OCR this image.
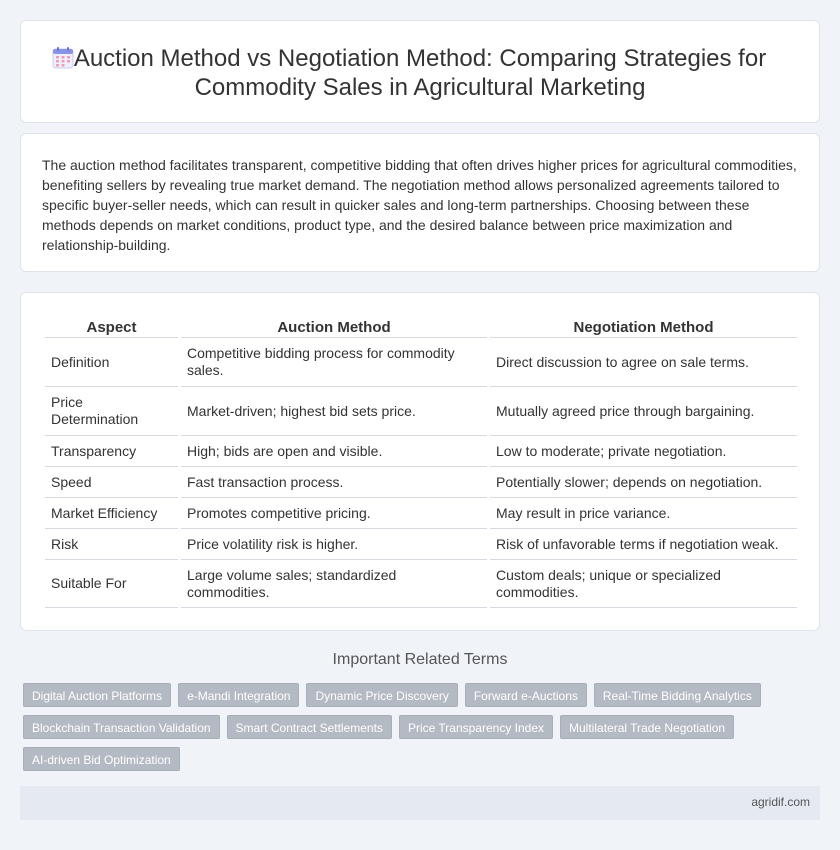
Auction Method vs Negotiation Method: Comparing Strategies for
Commodity Sales in Agricultural Marketing

The auction method facilitates transparent, competitive bidding that often drives higher prices for agricultural commodities, benefiting sellers by revealing true market demand. The negotiation method allows personalized agreements tailored to specific buyer-seller needs, which can result in quicker sales and long-term partnerships. Choosing between these methods depends on market conditions, product type, and the desired balance between price maximization and relationship-building.

Aspect	Auction Method	Negotiation Method
Definition	Competitive bidding process for commodity sales.	Direct discussion to agree on sale terms.
Price Determination	Market-driven; highest bid sets price.	Mutually agreed price through bargaining.
Transparency	High; bids are open and visible.	Low to moderate; private negotiation.
Speed	Fast transaction process.	Potentially slower; depends on negotiation.
Market Efficiency	Promotes competitive pricing.	May result in price variance.
Risk	Price volatility risk is higher.	Risk of unfavorable terms if negotiation weak.
Suitable For	Large volume sales; standardized commodities.	Custom deals; unique or specialized commodities.
Important Related Terms
Digital Auction Platforms	e-Mandi Integration	Dynamic Price Discovery	Forward e-Auctions	Real-Time Bidding Analytics
Blockchain Transaction Validation	Smart Contract Settlements	Price Transparency Index	Multilateral Trade Negotiation
AI-driven Bid Optimization
agridif.com
